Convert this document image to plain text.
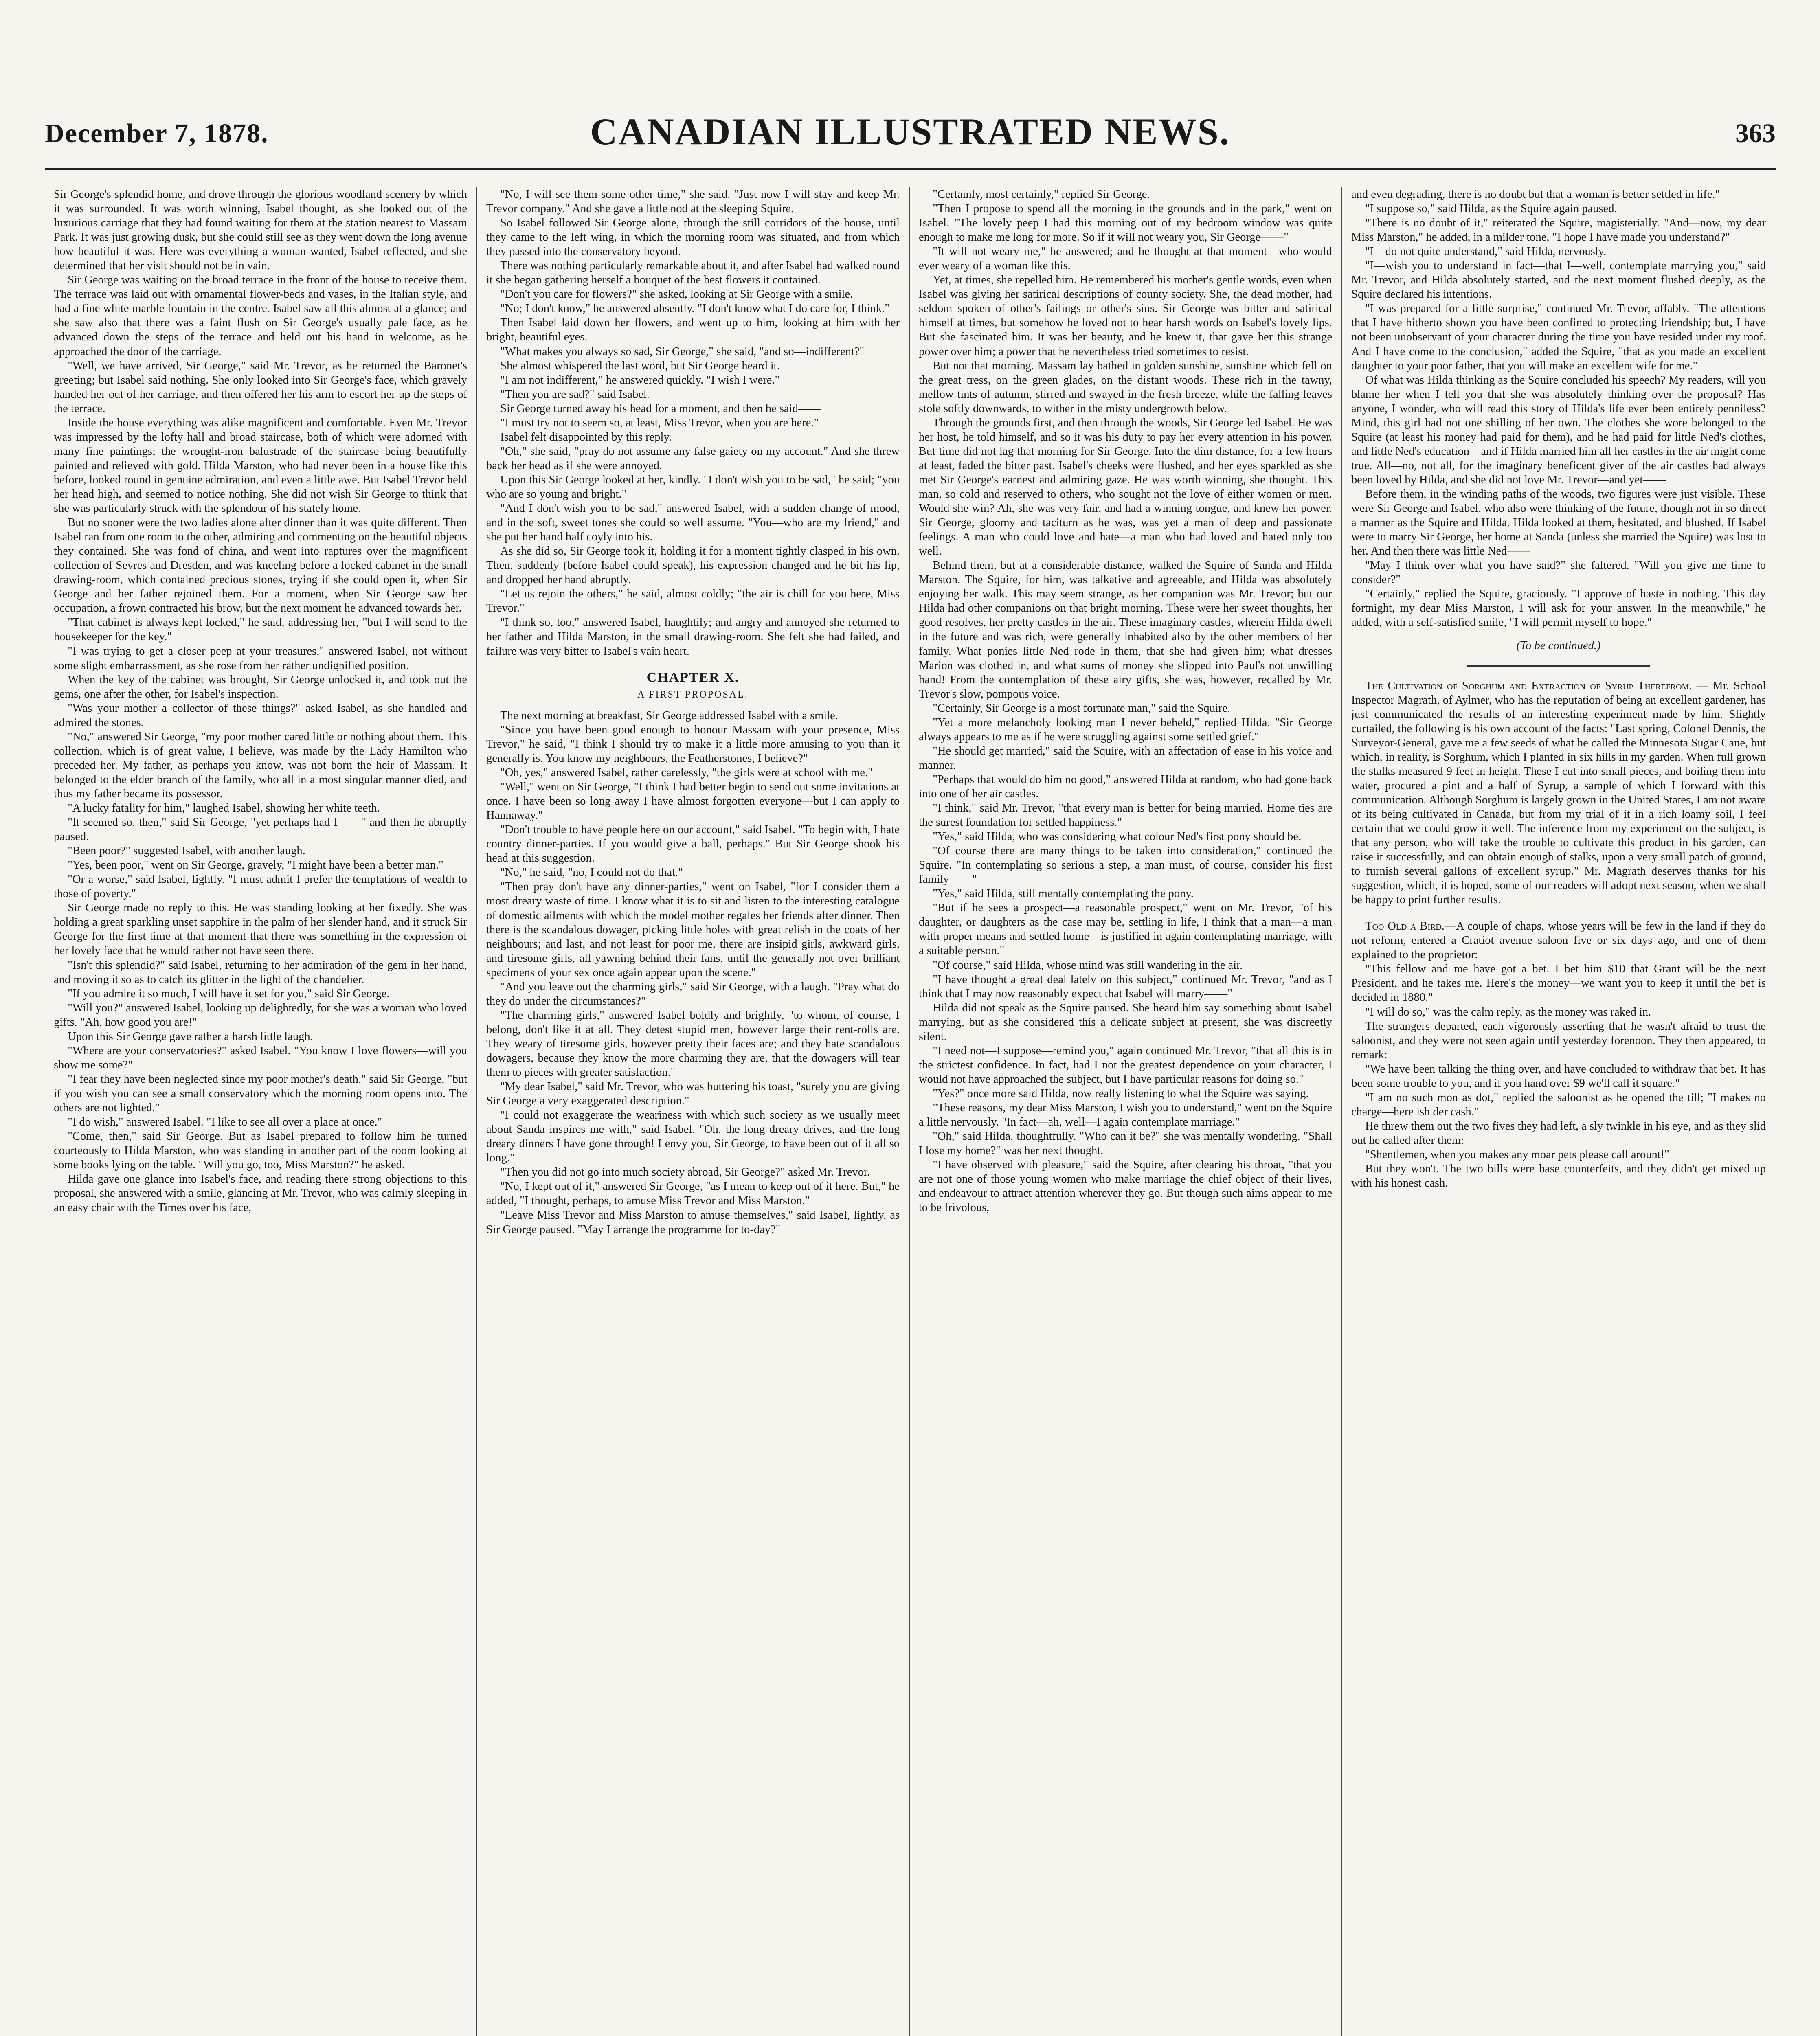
December 7, 1878.	CANADIAN ILLUSTRATED NEWS.	363

Sir George's splendid home, and drove through the glorious woodland scenery by which it was surrounded. It was worth winning, Isabel thought, as she looked out of the luxurious carriage that they had found waiting for them at the station nearest to Massam Park. It was just growing dusk, but she could still see as they went down the long avenue how beautiful it was. Here was everything a woman wanted, Isabel reflected, and she determined that her visit should not be in vain.

Sir George was waiting on the broad terrace in the front of the house to receive them. The terrace was laid out with ornamental flower-beds and vases, in the Italian style, and had a fine white marble fountain in the centre. Isabel saw all this almost at a glance; and she saw also that there was a faint flush on Sir George's usually pale face, as he advanced down the steps of the terrace and held out his hand in welcome, as he approached the door of the carriage.

"Well, we have arrived, Sir George," said Mr. Trevor, as he returned the Baronet's greeting; but Isabel said nothing. She only looked into Sir George's face, which gravely handed her out of her carriage, and then offered her his arm to escort her up the steps of the terrace.

Inside the house everything was alike magnificent and comfortable. Even Mr. Trevor was impressed by the lofty hall and broad staircase, both of which were adorned with many fine paintings; the wrought-iron balustrade of the staircase being beautifully painted and relieved with gold. Hilda Marston, who had never been in a house like this before, looked round in genuine admiration, and even a little awe. But Isabel Trevor held her head high, and seemed to notice nothing. She did not wish Sir George to think that she was particularly struck with the splendour of his stately home.

But no sooner were the two ladies alone after dinner than it was quite different. Then Isabel ran from one room to the other, admiring and commenting on the beautiful objects they contained. She was fond of china, and went into raptures over the magnificent collection of Sevres and Dresden, and was kneeling before a locked cabinet in the small drawing-room, which contained precious stones, trying if she could open it, when Sir George and her father rejoined them. For a moment, when Sir George saw her occupation, a frown contracted his brow, but the next moment he advanced towards her.

"That cabinet is always kept locked," he said, addressing her, "but I will send to the housekeeper for the key."

"I was trying to get a closer peep at your treasures," answered Isabel, not without some slight embarrassment, as she rose from her rather undignified position.

When the key of the cabinet was brought, Sir George unlocked it, and took out the gems, one after the other, for Isabel's inspection.

"Was your mother a collector of these things?" asked Isabel, as she handled and admired the stones.

"No," answered Sir George, "my poor mother cared little or nothing about them. This collection, which is of great value, I believe, was made by the Lady Hamilton who preceded her. My father, as perhaps you know, was not born the heir of Massam. It belonged to the elder branch of the family, who all in a most singular manner died, and thus my father became its possessor."

"A lucky fatality for him," laughed Isabel, showing her white teeth.

"It seemed so, then," said Sir George, "yet perhaps had I——" and then he abruptly paused.

"Been poor?" suggested Isabel, with another laugh.

"Yes, been poor," went on Sir George, gravely, "I might have been a better man."

"Or a worse," said Isabel, lightly. "I must admit I prefer the temptations of wealth to those of poverty."

Sir George made no reply to this. He was standing looking at her fixedly. She was holding a great sparkling unset sapphire in the palm of her slender hand, and it struck Sir George for the first time at that moment that there was something in the expression of her lovely face that he would rather not have seen there.

"Isn't this splendid?" said Isabel, returning to her admiration of the gem in her hand, and moving it so as to catch its glitter in the light of the chandelier.

"If you admire it so much, I will have it set for you," said Sir George.

"Will you?" answered Isabel, looking up delightedly, for she was a woman who loved gifts. "Ah, how good you are!"

Upon this Sir George gave rather a harsh little laugh.

"Where are your conservatories?" asked Isabel. "You know I love flowers—will you show me some?"

"I fear they have been neglected since my poor mother's death," said Sir George, "but if you wish you can see a small conservatory which the morning room opens into. The others are not lighted."

"I do wish," answered Isabel. "I like to see all over a place at once."

"Come, then," said Sir George. But as Isabel prepared to follow him he turned courteously to Hilda Marston, who was standing in another part of the room looking at some books lying on the table. "Will you go, too, Miss Marston?" he asked.

Hilda gave one glance into Isabel's face, and reading there strong objections to this proposal, she answered with a smile, glancing at Mr. Trevor, who was calmly sleeping in an easy chair with the Times over his face,

"No, I will see them some other time," she said. "Just now I will stay and keep Mr. Trevor company." And she gave a little nod at the sleeping Squire.

So Isabel followed Sir George alone, through the still corridors of the house, until they came to the left wing, in which the morning room was situated, and from which they passed into the conservatory beyond.

There was nothing particularly remarkable about it, and after Isabel had walked round it she began gathering herself a bouquet of the best flowers it contained.

"Don't you care for flowers?" she asked, looking at Sir George with a smile.

"No; I don't know," he answered absently. "I don't know what I do care for, I think."

Then Isabel laid down her flowers, and went up to him, looking at him with her bright, beautiful eyes.

"What makes you always so sad, Sir George," she said, "and so—indifferent?"

She almost whispered the last word, but Sir George heard it.

"I am not indifferent," he answered quickly. "I wish I were."

"Then you are sad?" said Isabel.

Sir George turned away his head for a moment, and then he said——

"I must try not to seem so, at least, Miss Trevor, when you are here."

Isabel felt disappointed by this reply.

"Oh," she said, "pray do not assume any false gaiety on my account." And she threw back her head as if she were annoyed.

Upon this Sir George looked at her, kindly. "I don't wish you to be sad," he said; "you who are so young and bright."

"And I don't wish you to be sad," answered Isabel, with a sudden change of mood, and in the soft, sweet tones she could so well assume. "You—who are my friend," and she put her hand half coyly into his.

As she did so, Sir George took it, holding it for a moment tightly clasped in his own. Then, suddenly (before Isabel could speak), his expression changed and he bit his lip, and dropped her hand abruptly.

"Let us rejoin the others," he said, almost coldly; "the air is chill for you here, Miss Trevor."

"I think so, too," answered Isabel, haughtily; and angry and annoyed she returned to her father and Hilda Marston, in the small drawing-room. She felt she had failed, and failure was very bitter to Isabel's vain heart.

CHAPTER X.
A FIRST PROPOSAL.

The next morning at breakfast, Sir George addressed Isabel with a smile.

"Since you have been good enough to honour Massam with your presence, Miss Trevor," he said, "I think I should try to make it a little more amusing to you than it generally is. You know my neighbours, the Featherstones, I believe?"

"Oh, yes," answered Isabel, rather carelessly, "the girls were at school with me."

"Well," went on Sir George, "I think I had better begin to send out some invitations at once. I have been so long away I have almost forgotten everyone—but I can apply to Hannaway."

"Don't trouble to have people here on our account," said Isabel. "To begin with, I hate country dinner-parties. If you would give a ball, perhaps." But Sir George shook his head at this suggestion.

"No," he said, "no, I could not do that."

"Then pray don't have any dinner-parties," went on Isabel, "for I consider them a most dreary waste of time. I know what it is to sit and listen to the interesting catalogue of domestic ailments with which the model mother regales her friends after dinner. Then there is the scandalous dowager, picking little holes with great relish in the coats of her neighbours; and last, and not least for poor me, there are insipid girls, awkward girls, and tiresome girls, all yawning behind their fans, until the generally not over brilliant specimens of your sex once again appear upon the scene."

"And you leave out the charming girls," said Sir George, with a laugh. "Pray what do they do under the circumstances?"

"The charming girls," answered Isabel boldly and brightly, "to whom, of course, I belong, don't like it at all. They detest stupid men, however large their rent-rolls are. They weary of tiresome girls, however pretty their faces are; and they hate scandalous dowagers, because they know the more charming they are, that the dowagers will tear them to pieces with greater satisfaction."

"My dear Isabel," said Mr. Trevor, who was buttering his toast, "surely you are giving Sir George a very exaggerated description."

"I could not exaggerate the weariness with which such society as we usually meet about Sanda inspires me with," said Isabel. "Oh, the long dreary drives, and the long dreary dinners I have gone through! I envy you, Sir George, to have been out of it all so long."

"Then you did not go into much society abroad, Sir George?" asked Mr. Trevor.

"No, I kept out of it," answered Sir George, "as I mean to keep out of it here. But," he added, "I thought, perhaps, to amuse Miss Trevor and Miss Marston."

"Leave Miss Trevor and Miss Marston to amuse themselves," said Isabel, lightly, as Sir George paused. "May I arrange the programme for to-day?"

"Certainly, most certainly," replied Sir George.

"Then I propose to spend all the morning in the grounds and in the park," went on Isabel. "The lovely peep I had this morning out of my bedroom window was quite enough to make me long for more. So if it will not weary you, Sir George——"

"It will not weary me," he answered; and he thought at that moment—who would ever weary of a woman like this.

Yet, at times, she repelled him. He remembered his mother's gentle words, even when Isabel was giving her satirical descriptions of county society. She, the dead mother, had seldom spoken of other's failings or other's sins. Sir George was bitter and satirical himself at times, but somehow he loved not to hear harsh words on Isabel's lovely lips. But she fascinated him. It was her beauty, and he knew it, that gave her this strange power over him; a power that he nevertheless tried sometimes to resist.

But not that morning. Massam lay bathed in golden sunshine, sunshine which fell on the great tress, on the green glades, on the distant woods. These rich in the tawny, mellow tints of autumn, stirred and swayed in the fresh breeze, while the falling leaves stole softly downwards, to wither in the misty undergrowth below.

Through the grounds first, and then through the woods, Sir George led Isabel. He was her host, he told himself, and so it was his duty to pay her every attention in his power. But time did not lag that morning for Sir George. Into the dim distance, for a few hours at least, faded the bitter past. Isabel's cheeks were flushed, and her eyes sparkled as she met Sir George's earnest and admiring gaze. He was worth winning, she thought. This man, so cold and reserved to others, who sought not the love of either women or men. Would she win? Ah, she was very fair, and had a winning tongue, and knew her power. Sir George, gloomy and taciturn as he was, was yet a man of deep and passionate feelings. A man who could love and hate—a man who had loved and hated only too well.

Behind them, but at a considerable distance, walked the Squire of Sanda and Hilda Marston. The Squire, for him, was talkative and agreeable, and Hilda was absolutely enjoying her walk. This may seem strange, as her companion was Mr. Trevor; but our Hilda had other companions on that bright morning. These were her sweet thoughts, her good resolves, her pretty castles in the air. These imaginary castles, wherein Hilda dwelt in the future and was rich, were generally inhabited also by the other members of her family. What ponies little Ned rode in them, that she had given him; what dresses Marion was clothed in, and what sums of money she slipped into Paul's not unwilling hand! From the contemplation of these airy gifts, she was, however, recalled by Mr. Trevor's slow, pompous voice.

"Certainly, Sir George is a most fortunate man," said the Squire.

"Yet a more melancholy looking man I never beheld," replied Hilda. "Sir George always appears to me as if he were struggling against some settled grief."

"He should get married," said the Squire, with an affectation of ease in his voice and manner.

"Perhaps that would do him no good," answered Hilda at random, who had gone back into one of her air castles.

"I think," said Mr. Trevor, "that every man is better for being married. Home ties are the surest foundation for settled happiness."

"Yes," said Hilda, who was considering what colour Ned's first pony should be.

"Of course there are many things to be taken into consideration," continued the Squire. "In contemplating so serious a step, a man must, of course, consider his first family——"

"Yes," said Hilda, still mentally contemplating the pony.

"But if he sees a prospect—a reasonable prospect," went on Mr. Trevor, "of his daughter, or daughters as the case may be, settling in life, I think that a man—a man with proper means and settled home—is justified in again contemplating marriage, with a suitable person."

"Of course," said Hilda, whose mind was still wandering in the air.

"I have thought a great deal lately on this subject," continued Mr. Trevor, "and as I think that I may now reasonably expect that Isabel will marry——"

Hilda did not speak as the Squire paused. She heard him say something about Isabel marrying, but as she considered this a delicate subject at present, she was discreetly silent.

"I need not—I suppose—remind you," again continued Mr. Trevor, "that all this is in the strictest confidence. In fact, had I not the greatest dependence on your character, I would not have approached the subject, but I have particular reasons for doing so."

"Yes?" once more said Hilda, now really listening to what the Squire was saying.

"These reasons, my dear Miss Marston, I wish you to understand," went on the Squire a little nervously. "In fact—ah, well—I again contemplate marriage."

"Oh," said Hilda, thoughtfully. "Who can it be?" she was mentally wondering. "Shall I lose my home?" was her next thought.

"I have observed with pleasure," said the Squire, after clearing his throat, "that you are not one of those young women who make marriage the chief object of their lives, and endeavour to attract attention wherever they go. But though such aims appear to me to be frivolous,

and even degrading, there is no doubt but that a woman is better settled in life."

"I suppose so," said Hilda, as the Squire again paused.

"There is no doubt of it," reiterated the Squire, magisterially. "And—now, my dear Miss Marston," he added, in a milder tone, "I hope I have made you understand?"

"I—do not quite understand," said Hilda, nervously.

"I—wish you to understand in fact—that I—well, contemplate marrying you," said Mr. Trevor, and Hilda absolutely started, and the next moment flushed deeply, as the Squire declared his intentions.

"I was prepared for a little surprise," continued Mr. Trevor, affably. "The attentions that I have hitherto shown you have been confined to protecting friendship; but, I have not been unobservant of your character during the time you have resided under my roof. And I have come to the conclusion," added the Squire, "that as you made an excellent daughter to your poor father, that you will make an excellent wife for me."

Of what was Hilda thinking as the Squire concluded his speech? My readers, will you blame her when I tell you that she was absolutely thinking over the proposal? Has anyone, I wonder, who will read this story of Hilda's life ever been entirely penniless? Mind, this girl had not one shilling of her own. The clothes she wore belonged to the Squire (at least his money had paid for them), and he had paid for little Ned's clothes, and little Ned's education—and if Hilda married him all her castles in the air might come true. All—no, not all, for the imaginary beneficent giver of the air castles had always been loved by Hilda, and she did not love Mr. Trevor—and yet——

Before them, in the winding paths of the woods, two figures were just visible. These were Sir George and Isabel, who also were thinking of the future, though not in so direct a manner as the Squire and Hilda. Hilda looked at them, hesitated, and blushed. If Isabel were to marry Sir George, her home at Sanda (unless she married the Squire) was lost to her. And then there was little Ned——

"May I think over what you have said?" she faltered. "Will you give me time to consider?"

"Certainly," replied the Squire, graciously. "I approve of haste in nothing. This day fortnight, my dear Miss Marston, I will ask for your answer. In the meanwhile," he added, with a self-satisfied smile, "I will permit myself to hope."

(To be continued.)

The Cultivation of Sorghum and Extraction of Syrup Therefrom. — Mr. School Inspector Magrath, of Aylmer, who has the reputation of being an excellent gardener, has just communicated the results of an interesting experiment made by him. Slightly curtailed, the following is his own account of the facts: "Last spring, Colonel Dennis, the Surveyor-General, gave me a few seeds of what he called the Minnesota Sugar Cane, but which, in reality, is Sorghum, which I planted in six hills in my garden. When full grown the stalks measured 9 feet in height. These I cut into small pieces, and boiling them into water, procured a pint and a half of Syrup, a sample of which I forward with this communication. Although Sorghum is largely grown in the United States, I am not aware of its being cultivated in Canada, but from my trial of it in a rich loamy soil, I feel certain that we could grow it well. The inference from my experiment on the subject, is that any person, who will take the trouble to cultivate this product in his garden, can raise it successfully, and can obtain enough of stalks, upon a very small patch of ground, to furnish several gallons of excellent syrup." Mr. Magrath deserves thanks for his suggestion, which, it is hoped, some of our readers will adopt next season, when we shall be happy to print further results.

Too Old a Bird.—A couple of chaps, whose years will be few in the land if they do not reform, entered a Cratiot avenue saloon five or six days ago, and one of them explained to the proprietor:

"This fellow and me have got a bet. I bet him $10 that Grant will be the next President, and he takes me. Here's the money—we want you to keep it until the bet is decided in 1880."

"I will do so," was the calm reply, as the money was raked in.

The strangers departed, each vigorously asserting that he wasn't afraid to trust the saloonist, and they were not seen again until yesterday forenoon. They then appeared, to remark:

"We have been talking the thing over, and have concluded to withdraw that bet. It has been some trouble to you, and if you hand over $9 we'll call it square."

"I am no such mon as dot," replied the saloonist as he opened the till; "I makes no charge—here ish der cash."

He threw them out the two fives they had left, a sly twinkle in his eye, and as they slid out he called after them:

"Shentlemen, when you makes any moar pets please call arount!"

But they won't. The two bills were base counterfeits, and they didn't get mixed up with his honest cash.
